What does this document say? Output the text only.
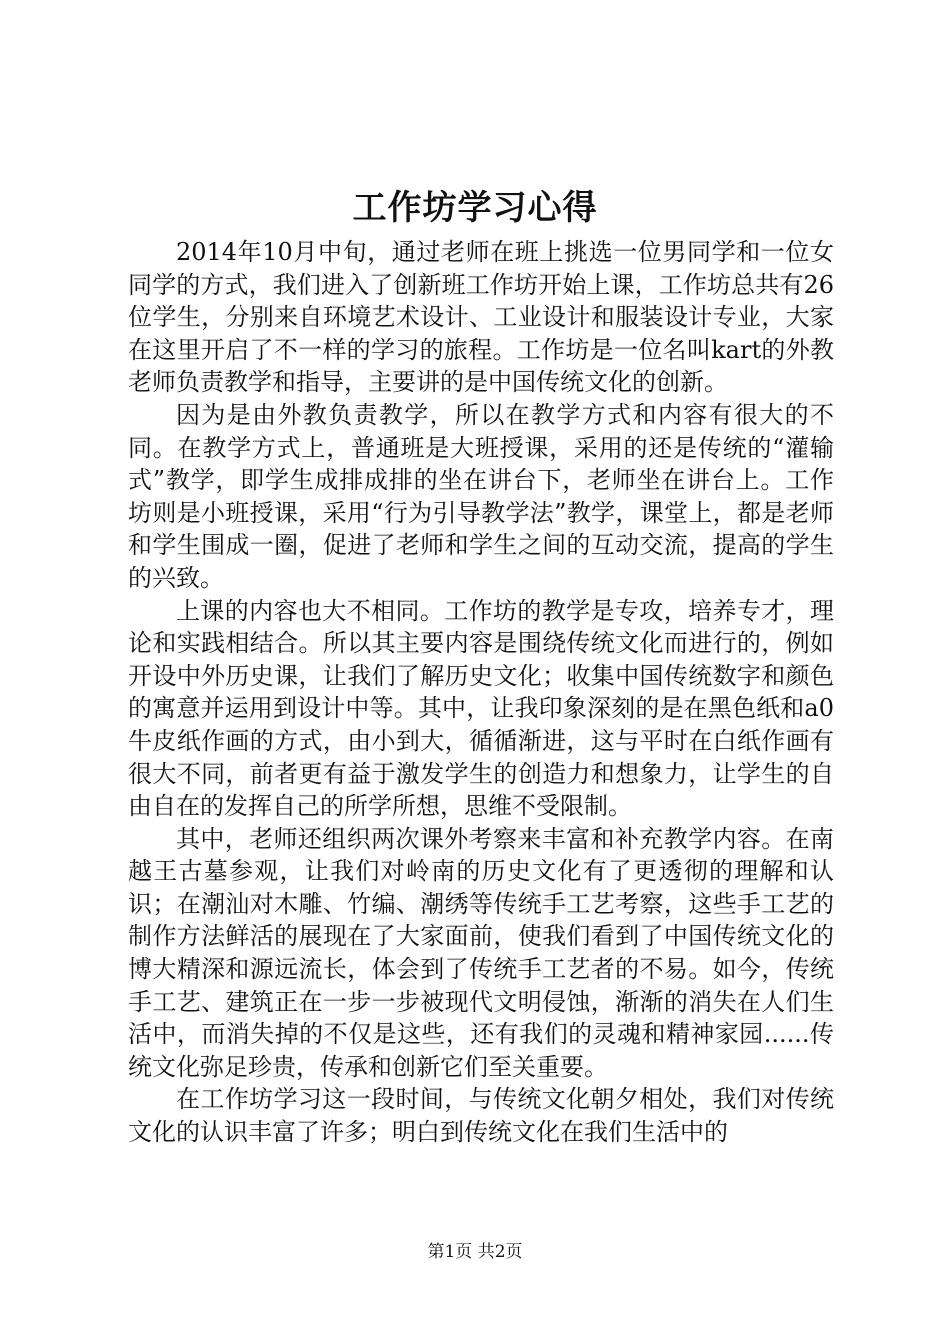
工作坊学习心得

2014年10月中旬，通过老师在班上挑选一位男同学和一位女同学的方式，我们进入了创新班工作坊开始上课，工作坊总共有26位学生，分别来自环境艺术设计、工业设计和服装设计专业，大家在这里开启了不一样的学习的旅程。工作坊是一位名叫kart的外教老师负责教学和指导，主要讲的是中国传统文化的创新。

因为是由外教负责教学，所以在教学方式和内容有很大的不同。在教学方式上，普通班是大班授课，采用的还是传统的“灌输式”教学，即学生成排成排的坐在讲台下，老师坐在讲台上。工作坊则是小班授课，采用“行为引导教学法”教学，课堂上，都是老师和学生围成一圈，促进了老师和学生之间的互动交流，提高的学生的兴致。

上课的内容也大不相同。工作坊的教学是专攻，培养专才，理论和实践相结合。所以其主要内容是围绕传统文化而进行的，例如开设中外历史课，让我们了解历史文化；收集中国传统数字和颜色的寓意并运用到设计中等。其中，让我印象深刻的是在黑色纸和a0牛皮纸作画的方式，由小到大，循循渐进，这与平时在白纸作画有很大不同，前者更有益于激发学生的创造力和想象力，让学生的自由自在的发挥自己的所学所想，思维不受限制。

其中，老师还组织两次课外考察来丰富和补充教学内容。在南越王古墓参观，让我们对岭南的历史文化有了更透彻的理解和认识；在潮汕对木雕、竹编、潮绣等传统手工艺考察，这些手工艺的制作方法鲜活的展现在了大家面前，使我们看到了中国传统文化的博大精深和源远流长，体会到了传统手工艺者的不易。如今，传统手工艺、建筑正在一步一步被现代文明侵蚀，渐渐的消失在人们生活中，而消失掉的不仅是这些，还有我们的灵魂和精神家园......传统文化弥足珍贵，传承和创新它们至关重要。

在工作坊学习这一段时间，与传统文化朝夕相处，我们对传统文化的认识丰富了许多；明白到传统文化在我们生活中的

第1页 共2页
